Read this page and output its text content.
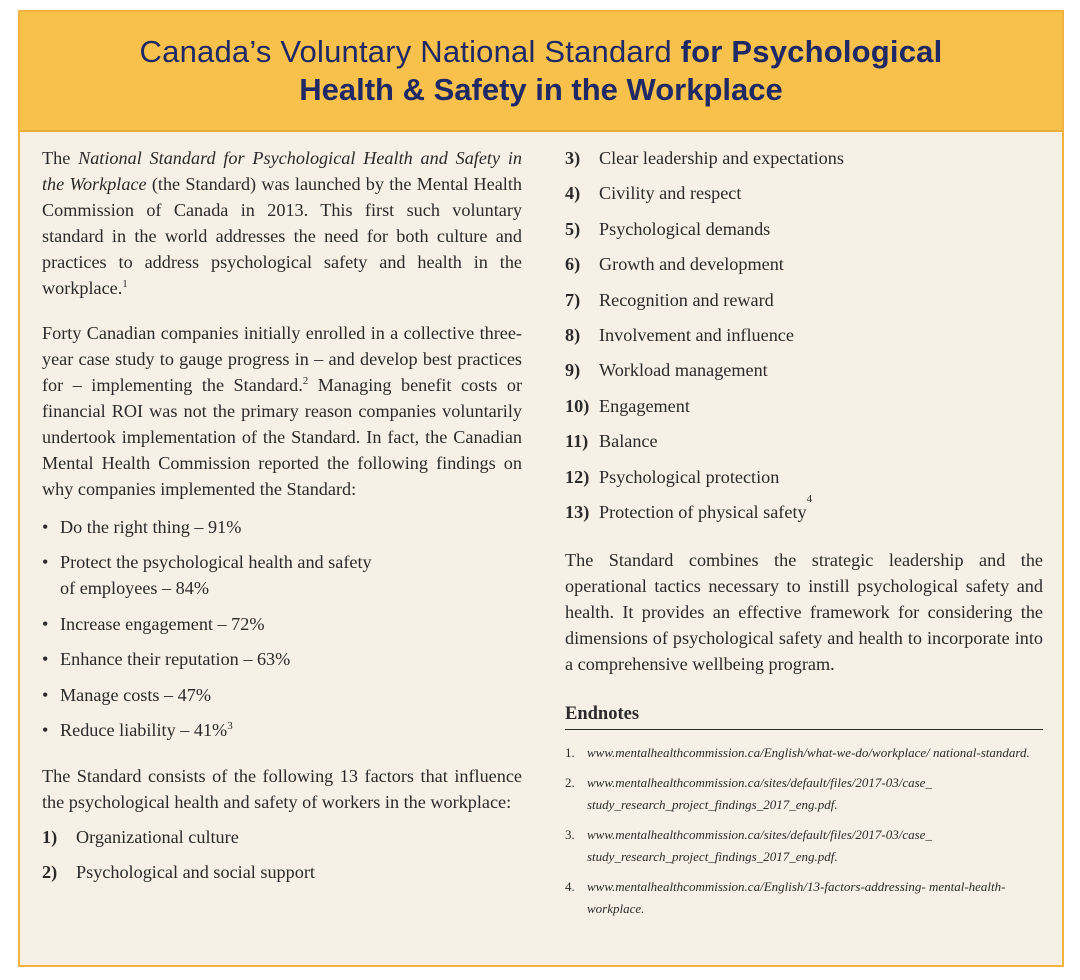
Canada’s Voluntary National Standard for Psychological
Health & Safety in the Workplace

The National Standard for Psychological Health and Safety in the Workplace (the Standard) was launched by the Mental Health Commission of Canada in 2013. This first such voluntary standard in the world addresses the need for both culture and practices to address psychological safety and health in the workplace.$^1$

Forty Canadian companies initially enrolled in a collective three-year case study to gauge progress in – and develop best practices for – implementing the Standard.$^2$ Managing benefit costs or financial ROI was not the primary reason companies voluntarily undertook implementation of the Standard. In fact, the Canadian Mental Health Commission reported the following findings on why companies implemented the Standard:

• Do the right thing – 91%
• Protect the psychological health and safety
of employees – 84%
• Increase engagement – 72%
• Enhance their reputation – 63%
• Manage costs – 47%
• Reduce liability – 41%$^3$

The Standard consists of the following 13 factors that influence the psychological health and safety of workers in the workplace:

1)	Organizational culture
2)	Psychological and social support
3)	Clear leadership and expectations
4)	Civility and respect
5)	Psychological demands
6)	Growth and development
7)	Recognition and reward
8)	Involvement and influence
9)	Workload management
10) Engagement
11) Balance
12) Psychological protection
13) Protection of physical safety
4

The Standard combines the strategic leadership and the operational tactics necessary to instill psychological safety and health. It provides an effective framework for considering the dimensions of psychological safety and health to incorporate into a comprehensive wellbeing program.

Endnotes
1. www.mentalhealthcommission.ca/English/what-we-do/workplace/ national-standard.
2. www.mentalhealthcommission.ca/sites/default/files/2017-03/case_ study_research_project_findings_2017_eng.pdf.
3. www.mentalhealthcommission.ca/sites/default/files/2017-03/case_ study_research_project_findings_2017_eng.pdf.
4. www.mentalhealthcommission.ca/English/13-factors-addressing- mental-health-workplace.
